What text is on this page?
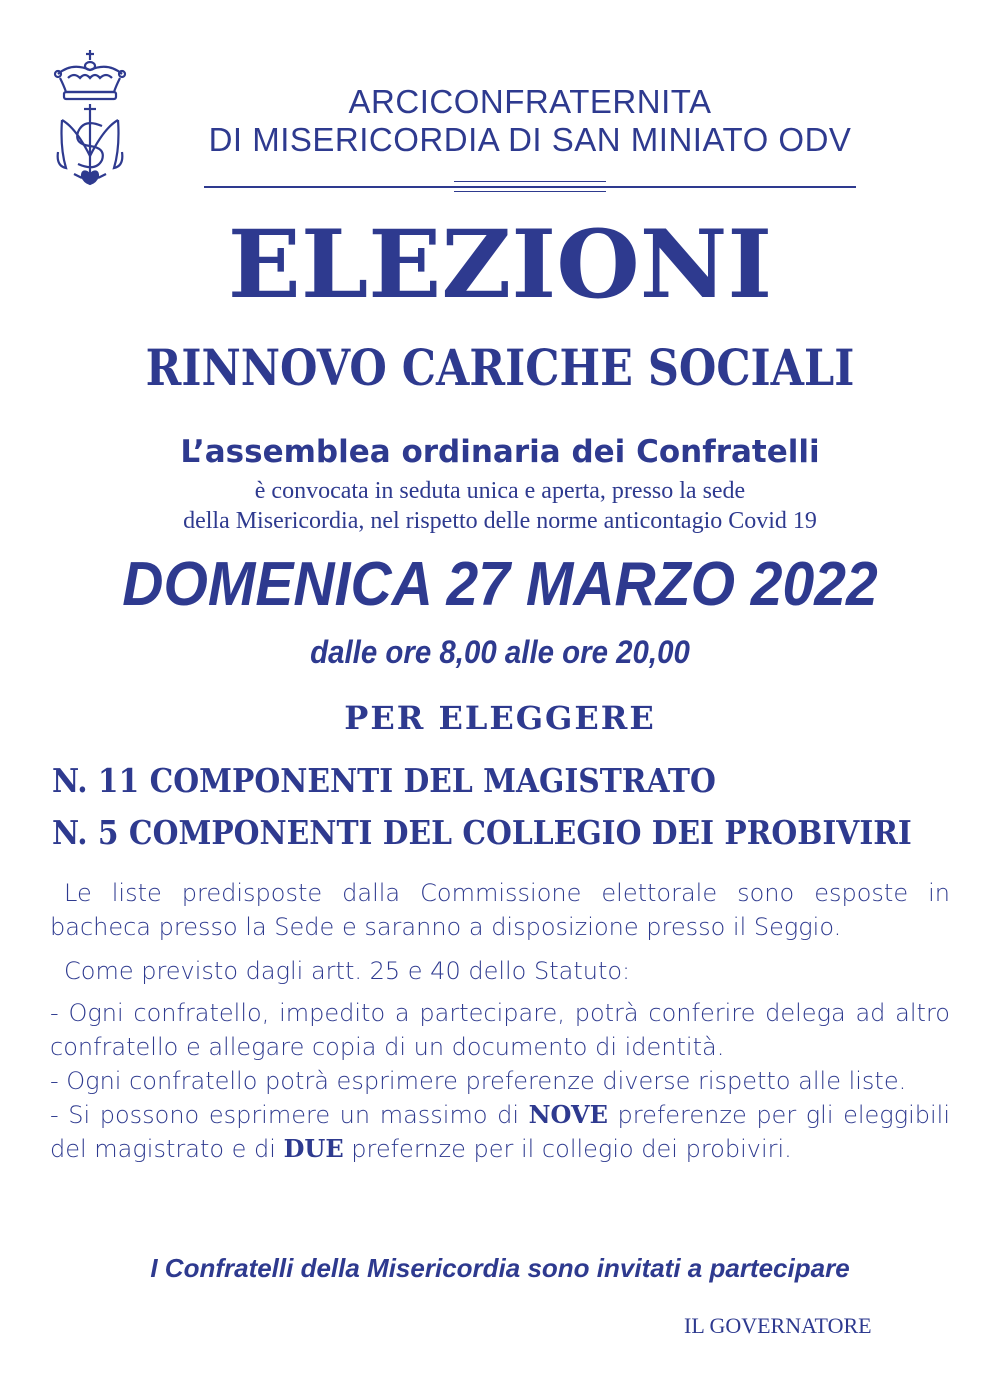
ARCICONFRATERNITA
DI MISERICORDIA DI SAN MINIATO ODV
ELEZIONI
RINNOVO CARICHE SOCIALI
L’assemblea ordinaria dei Confratelli
è convocata in seduta unica e aperta, presso la sede
della Misericordia, nel rispetto delle norme anticontagio Covid 19
DOMENICA 27 MARZO 2022
dalle ore 8,00 alle ore 20,00
PER ELEGGERE
N. 11 COMPONENTI DEL MAGISTRATO
N. 5 COMPONENTI DEL COLLEGIO DEI PROBIVIRI
Le liste predisposte dalla Commissione elettorale sono esposte in bacheca presso la Sede e saranno a disposizione presso il Seggio.
Come previsto dagli artt. 25 e 40 dello Statuto:
- Ogni confratello, impedito a partecipare, potrà conferire delega ad altro confratello e allegare copia di un documento di identità.
- Ogni confratello potrà esprimere preferenze diverse rispetto alle liste.
- Si possono esprimere un massimo di NOVE preferenze per gli eleggibili del magistrato e di DUE prefernze per il collegio dei probiviri.
I Confratelli della Misericordia sono invitati a partecipare
IL GOVERNATORE
